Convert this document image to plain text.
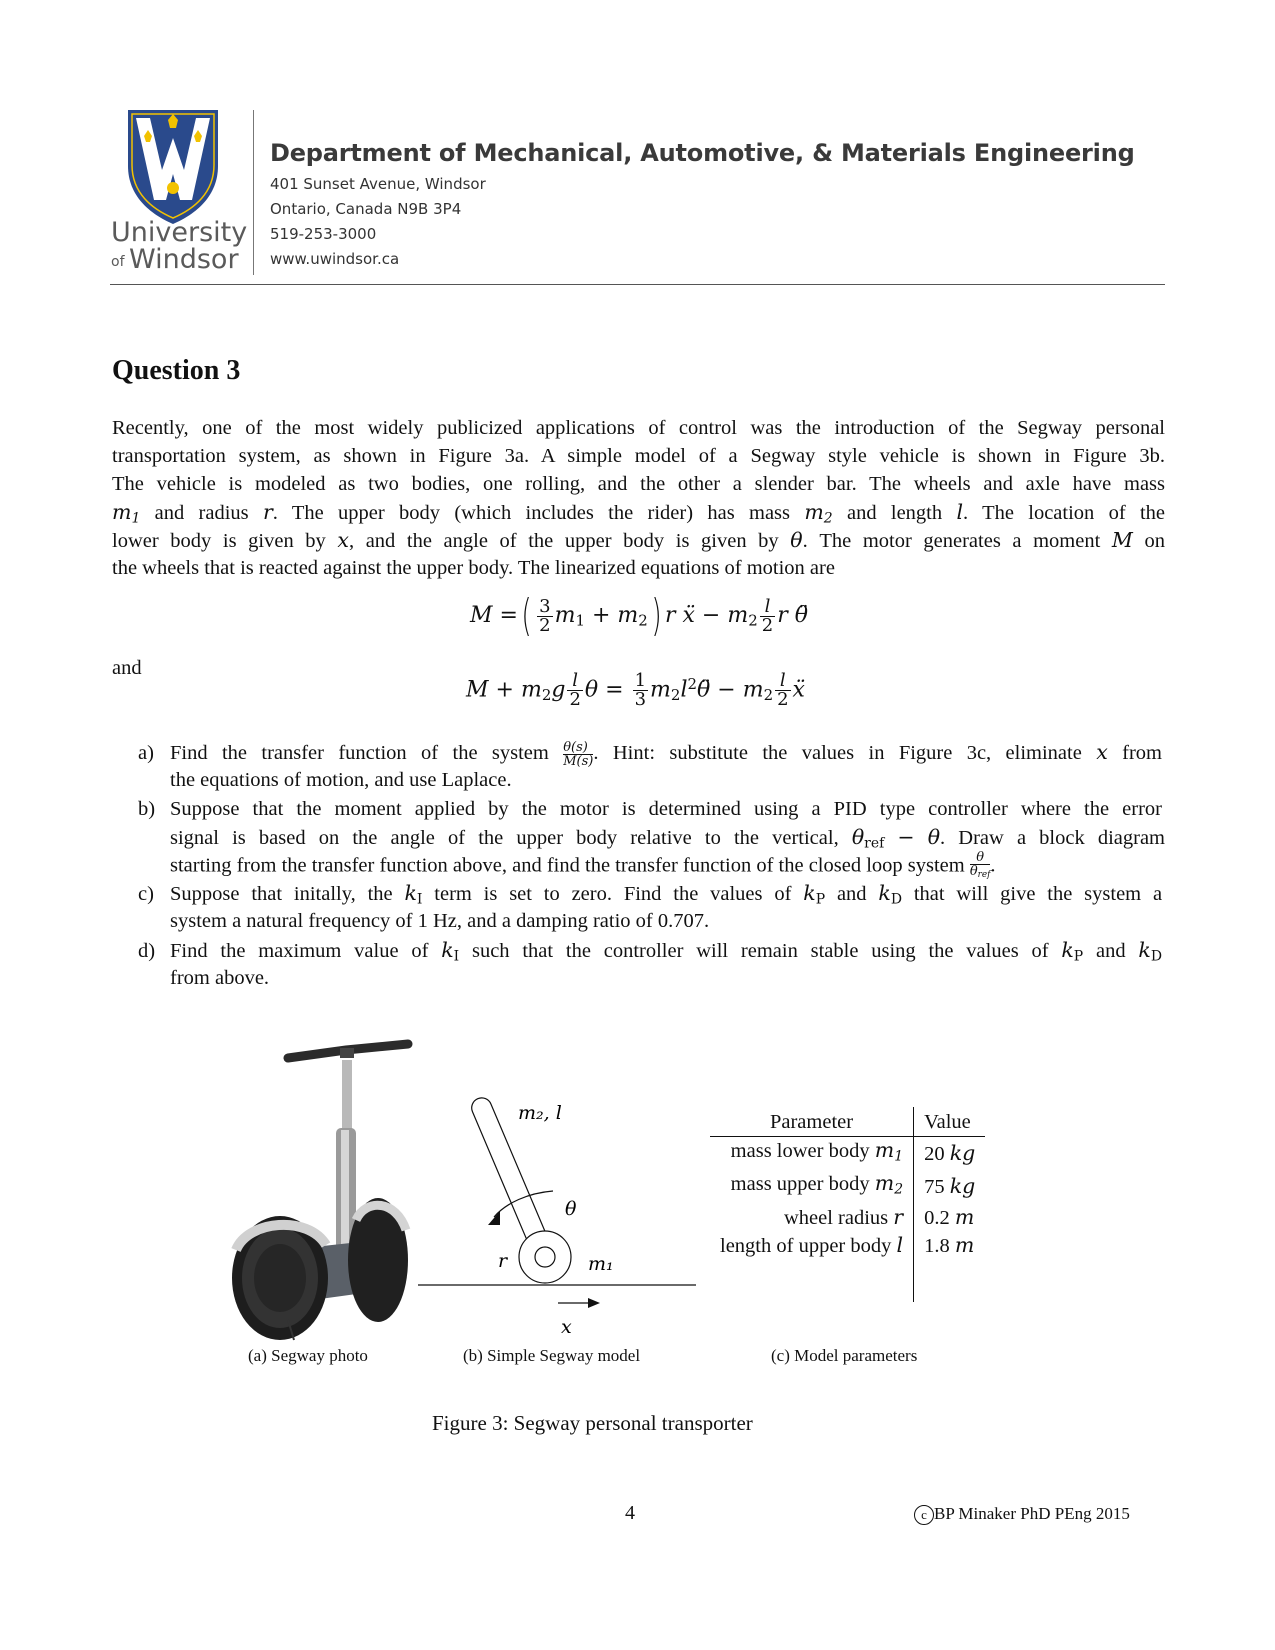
University
of Windsor
Department of Mechanical, Automotive, & Materials Engineering
401 Sunset Avenue, Windsor
Ontario, Canada N9B 3P4
519-253-3000
www.uwindsor.ca
Question 3
Recently, one of the most widely publicized applications of control was the introduction of the Segway personal
transportation system, as shown in Figure 3a. A simple model of a Segway style vehicle is shown in Figure 3b.
The vehicle is modeled as two bodies, one rolling, and the other a slender bar. The wheels and axle have mass
$m_1$ and radius r. The upper body (which includes the rider) has mass $m_2$ and length l. The location of the
lower body is given by x, and the angle of the upper body is given by θ. The motor generates a moment M on
the wheels that is reacted against the upper body. The linearized equations of motion are
M =( $\frac{3}{2} m_1 + m_2$) r ẍ − $m_2 \frac{l}{2}$ r θ̈
and
$M + m_2g \frac{l}{2}$ $\theta = \frac{1}{3}$ $m_2l^2\thetä - m_2 \frac{l}{2}$ ẍ
a) Find the transfer function of the system $\frac{\theta(s)}{M(s)}$. Hint: substitute the values in Figure 3c, eliminate x from
the equations of motion, and use Laplace.
b) Suppose that the moment applied by the motor is determined using a PID type controller where the error
signal is based on the angle of the upper body relative to the vertical, $\theta_{ref} - \theta$. Draw a block diagram
starting from the transfer function above, and find the transfer function of the closed loop system $\frac{\theta}{\theta_{ref}}$.
c) Suppose that initally, the $k_I$ term is set to zero. Find the values of $k_P$ and $k_D$ that will give the system a
system a natural frequency of 1 Hz, and a damping ratio of 0.707.
d) Find the maximum value of $k_I$ such that the controller will remain stable using the values of $k_P$ and $k_D$
from above.
(a) Segway photo
m₂, l
θ
r	m₁
x
(b) Simple Segway model
Parameter	Value
mass lower body $m_1$	20 kg
mass upper body $m_2$	75 kg
wheel radius r	0.2 m
length of upper body l	1.8 m

(c) Model parameters
Figure 3: Segway personal transporter
4	c BP Minaker PhD PEng 2015
